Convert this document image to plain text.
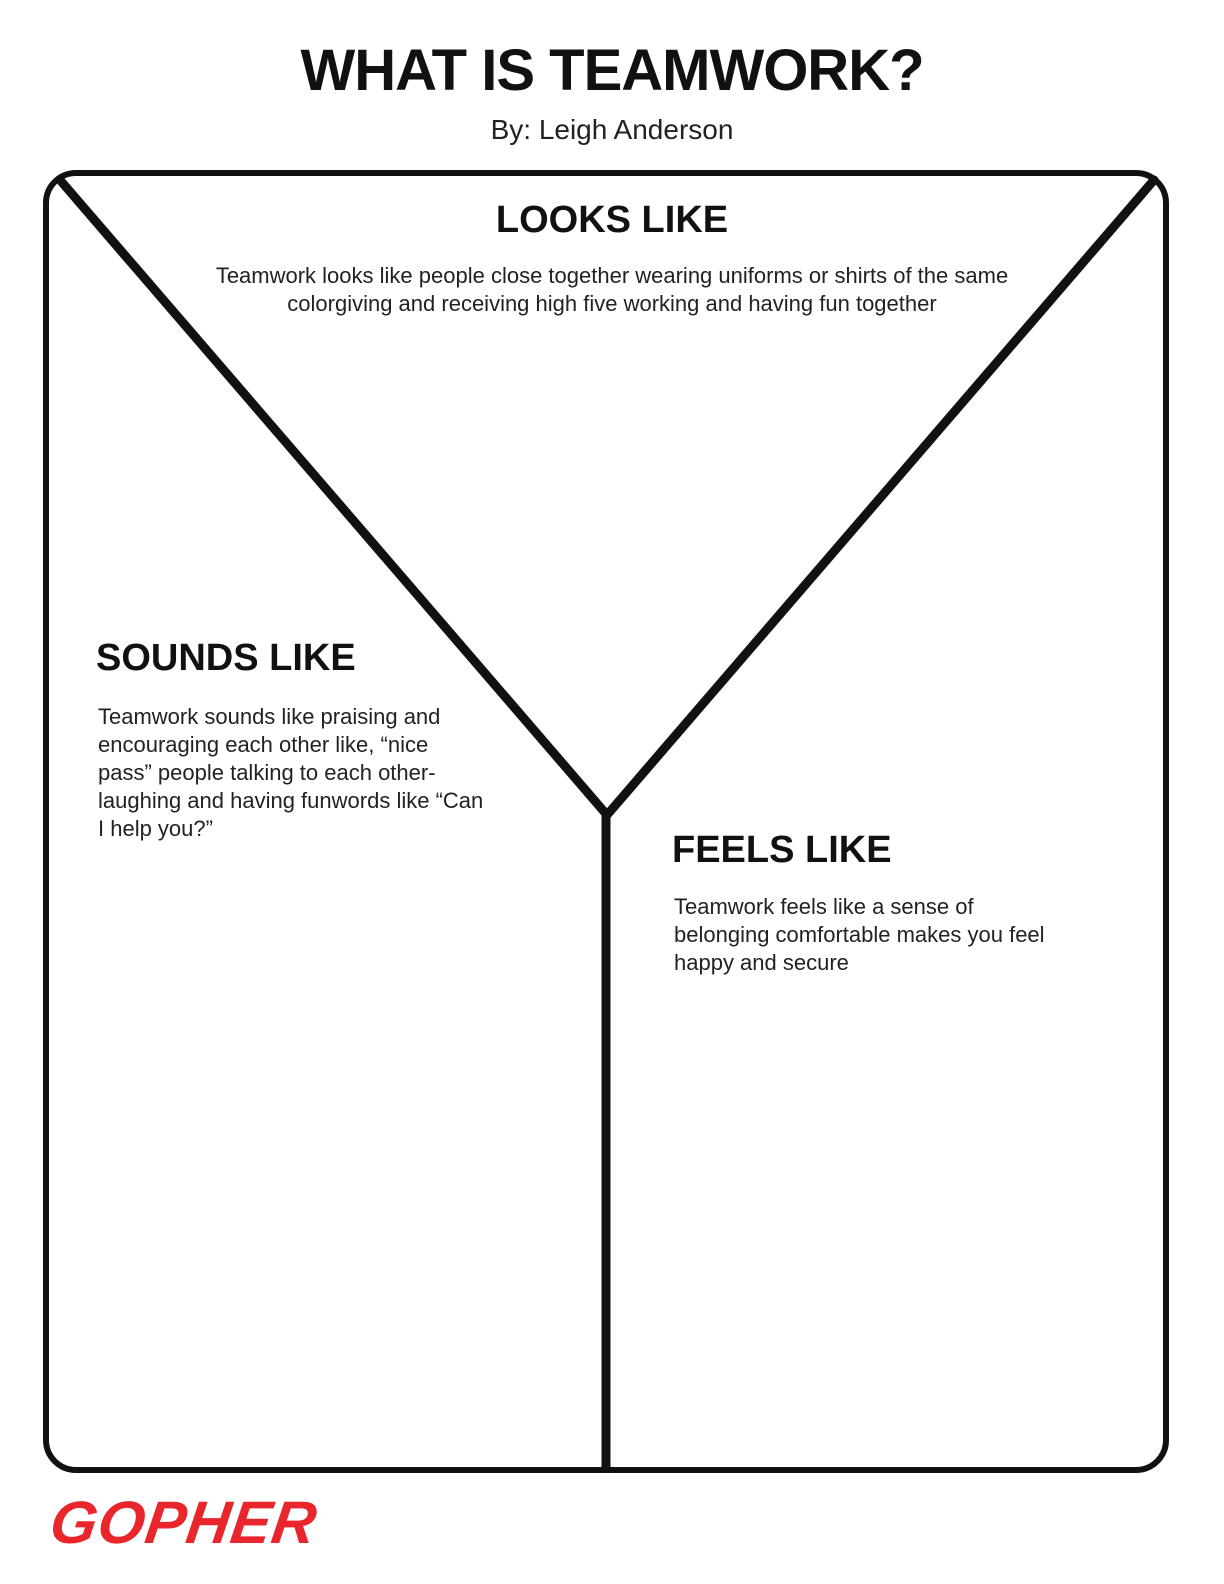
WHAT IS TEAMWORK?
By: Leigh Anderson
LOOKS LIKE

Teamwork looks like people close together wearing uniforms or shirts of the same colorgiving and receiving high five working and having fun together

SOUNDS LIKE

Teamwork sounds like praising and encouraging each other like, “nice pass” people talking to each other- laughing and having funwords like “Can I help you?”

FEELS LIKE

Teamwork feels like a sense of belonging comfortable makes you feel happy and secure

GOPHER
